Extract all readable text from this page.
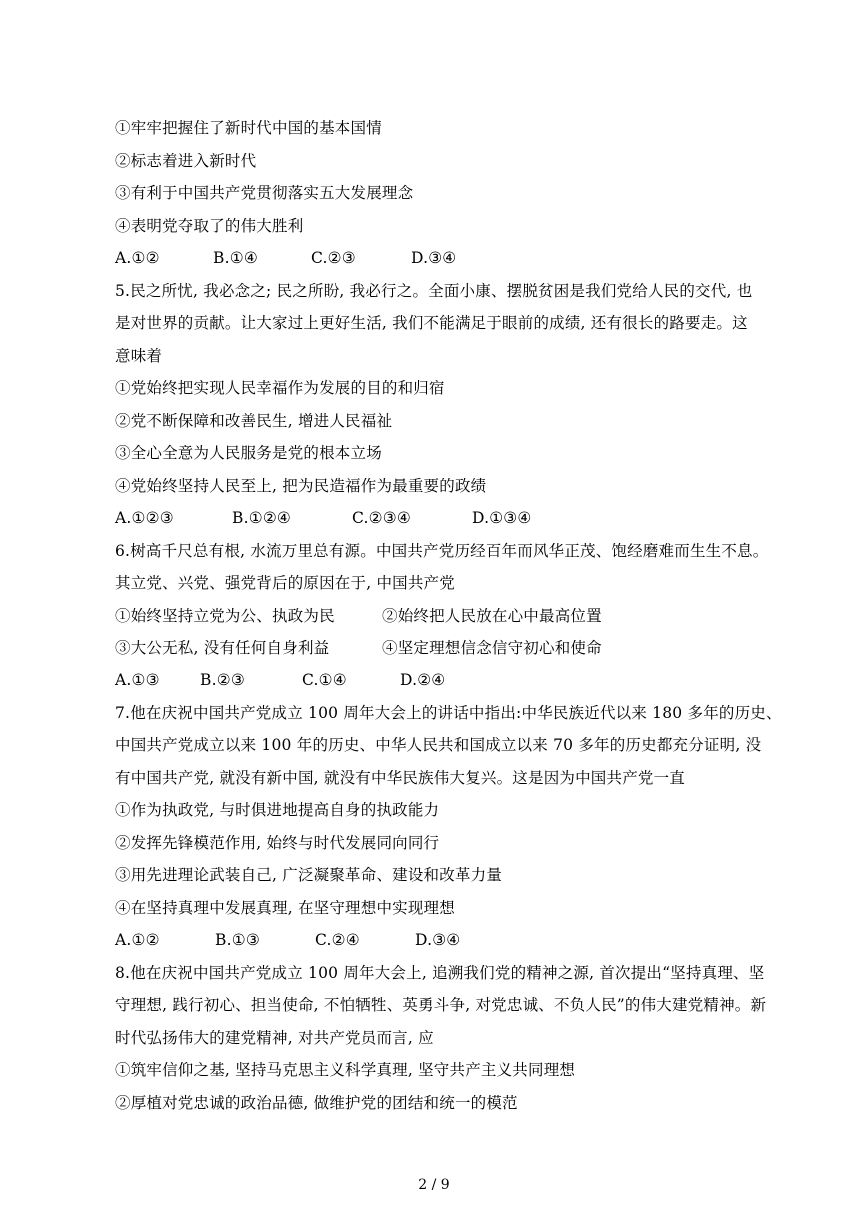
①牢牢把握住了新时代中国的基本国情
②标志着进入新时代
③有利于中国共产党贯彻落实五大发展理念
④表明党夺取了的伟大胜利
A.①②	B.①④	C.②③	D.③④
5.民之所忧, 我必念之; 民之所盼, 我必行之。全面小康、摆脱贫困是我们党给人民的交代, 也
是对世界的贡献。让大家过上更好生活, 我们不能满足于眼前的成绩, 还有很长的路要走。这
意味着
①党始终把实现人民幸福作为发展的目的和归宿
②党不断保障和改善民生, 增进人民福祉
③全心全意为人民服务是党的根本立场
④党始终坚持人民至上, 把为民造福作为最重要的政绩
A.①②③	B.①②④	C.②③④	D.①③④
6.树高千尺总有根, 水流万里总有源。中国共产党历经百年而风华正茂、饱经磨难而生生不息。
其立党、兴党、强党背后的原因在于, 中国共产党
①始终坚持立党为公、执政为民	②始终把人民放在心中最高位置
③大公无私, 没有任何自身利益	④坚定理想信念信守初心和使命
A.①③	B.②③	C.①④	D.②④
7.他在庆祝中国共产党成立 100 周年大会上的讲话中指出:中华民族近代以来 180 多年的历史、
中国共产党成立以来 100 年的历史、中华人民共和国成立以来 70 多年的历史都充分证明, 没
有中国共产党, 就没有新中国, 就没有中华民族伟大复兴。这是因为中国共产党一直
①作为执政党, 与时俱进地提高自身的执政能力
②发挥先锋模范作用, 始终与时代发展同向同行
③用先进理论武装自己, 广泛凝聚革命、建设和改革力量
④在坚持真理中发展真理, 在坚守理想中实现理想
A.①②	B.①③	C.②④	D.③④
8.他在庆祝中国共产党成立 100 周年大会上, 追溯我们党的精神之源, 首次提出“坚持真理、坚
守理想, 践行初心、担当使命, 不怕牺牲、英勇斗争, 对党忠诚、不负人民”的伟大建党精神。新
时代弘扬伟大的建党精神, 对共产党员而言, 应
①筑牢信仰之基, 坚持马克思主义科学真理, 坚守共产主义共同理想
②厚植对党忠诚的政治品德, 做维护党的团结和统一的模范
2 / 9
